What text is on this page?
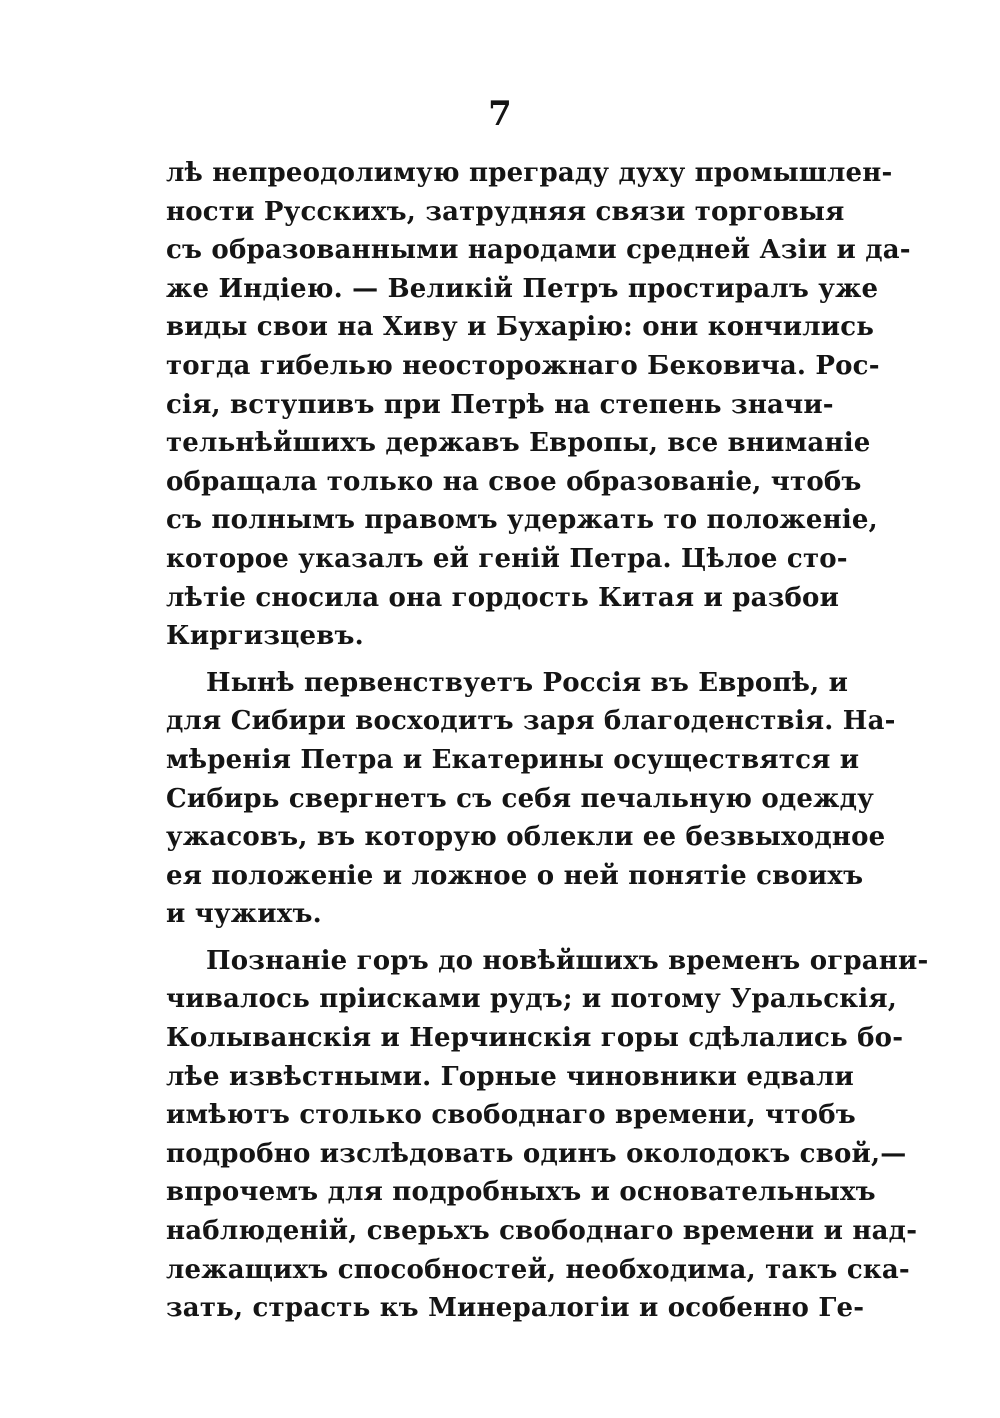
7
лѣ непреодолимую преграду духу промышлен-
ности Русскихъ, затрудняя связи торговыя
съ образованными народами средней Азіи и да-
же Индіею. — Великій Петръ простиралъ уже
виды свои на Хиву и Бухарію: они кончились
тогда гибелью неосторожнаго Бековича. Рос-
сія, вступивъ при Петрѣ на степень значи-
тельнѣйшихъ державъ Европы, все вниманіе
обращала только на свое образованіе, чтобъ
съ полнымъ правомъ удержать то положеніе,
которое указалъ ей геній Петра. Цѣлое сто-
лѣтіе сносила она гордость Китая и разбои
Киргизцевъ.
Нынѣ первенствуетъ Россія въ Европѣ, и
для Сибири восходитъ заря благоденствія. На-
мѣренія Петра и Екатерины осуществятся и
Сибирь свергнетъ съ себя печальную одежду
ужасовъ, въ которую облекли ее безвыходное
ея положеніе и ложное о ней понятіе своихъ
и чужихъ.
Познаніе горъ до новѣйшихъ временъ ограни-
чивалось пріисками рудъ; и потому Уральскія,
Колыванскія и Нерчинскія горы сдѣлались бо-
лѣе извѣстными. Горные чиновники едвали
имѣютъ столько свободнаго времени, чтобъ
подробно изслѣдовать одинъ околодокъ свой,—
впрочемъ для подробныхъ и основательныхъ
наблюденій, сверьхъ свободнаго времени и над-
лежащихъ способностей, необходима, такъ ска-
зать, страсть къ Минералогіи и особенно Ге-
